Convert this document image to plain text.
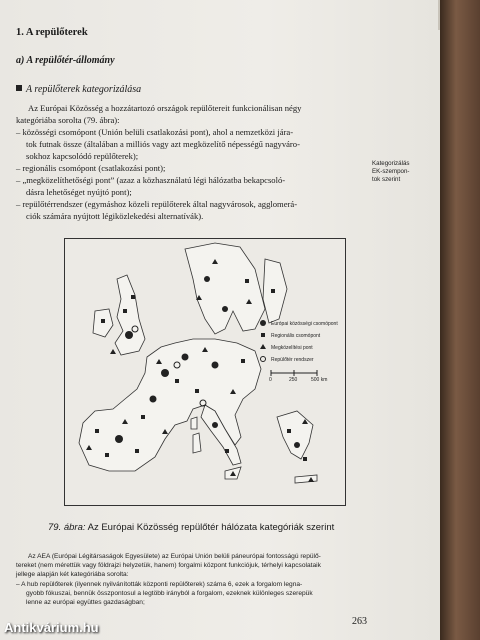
1. A repülőterek
a) A repülőtér-állomány
A repülőterek kategorizálása
Az Európai Közösség a hozzátartozó országok repülőtereit funkcionálisan négy
kategóriába sorolta (79. ábra):
– közösségi csomópont (Unión belüli csatlakozási pont), ahol a nemzetközi jára-
tok futnak össze (általában a milliós vagy azt megközelítő népességű nagyváro-
sokhoz kapcsolódó repülőterek);
– regionális csomópont (csatlakozási pont);
– „megközelíthetőségi pont” (azaz a közhasználatú légi hálózatba bekapcsoló-
dásra lehetőséget nyújtó pont);
– repülőtérrendszer (egymáshoz közeli repülőterek által nagyvárosok, agglomerá-
ciók számára nyújtott légiközlekedési alternatívák).
Kategorizálás
EK-szempon-
tok szerint
Európai közösségi csomópont
Regionális csomópont
Megközelítési pont
Repülőtér rendszer
0	250	500 km
79. ábra: Az Európai Közösség repülőtér hálózata kategóriák szerint
Az AEA (Európai Légitársaságok Egyesülete) az Európai Unión belüli páneurópai fontosságú repülő-
tereket (nem mérettük vagy földrajzi helyzetük, hanem) forgalmi központ funkciójuk, térhelyi kapcsolataik
jellege alapján két kategóriába sorolta:
– A hub repülőterek (ilyennek nyilvánították központi repülőterek) száma 6, ezek a forgalom legna-
gyobb fókuszai, bennük összpontosul a legtöbb irányból a forgalom, ezeknek különleges szerepük
lenne az európai együttes gazdaságban;
263
Antikvárium.hu
